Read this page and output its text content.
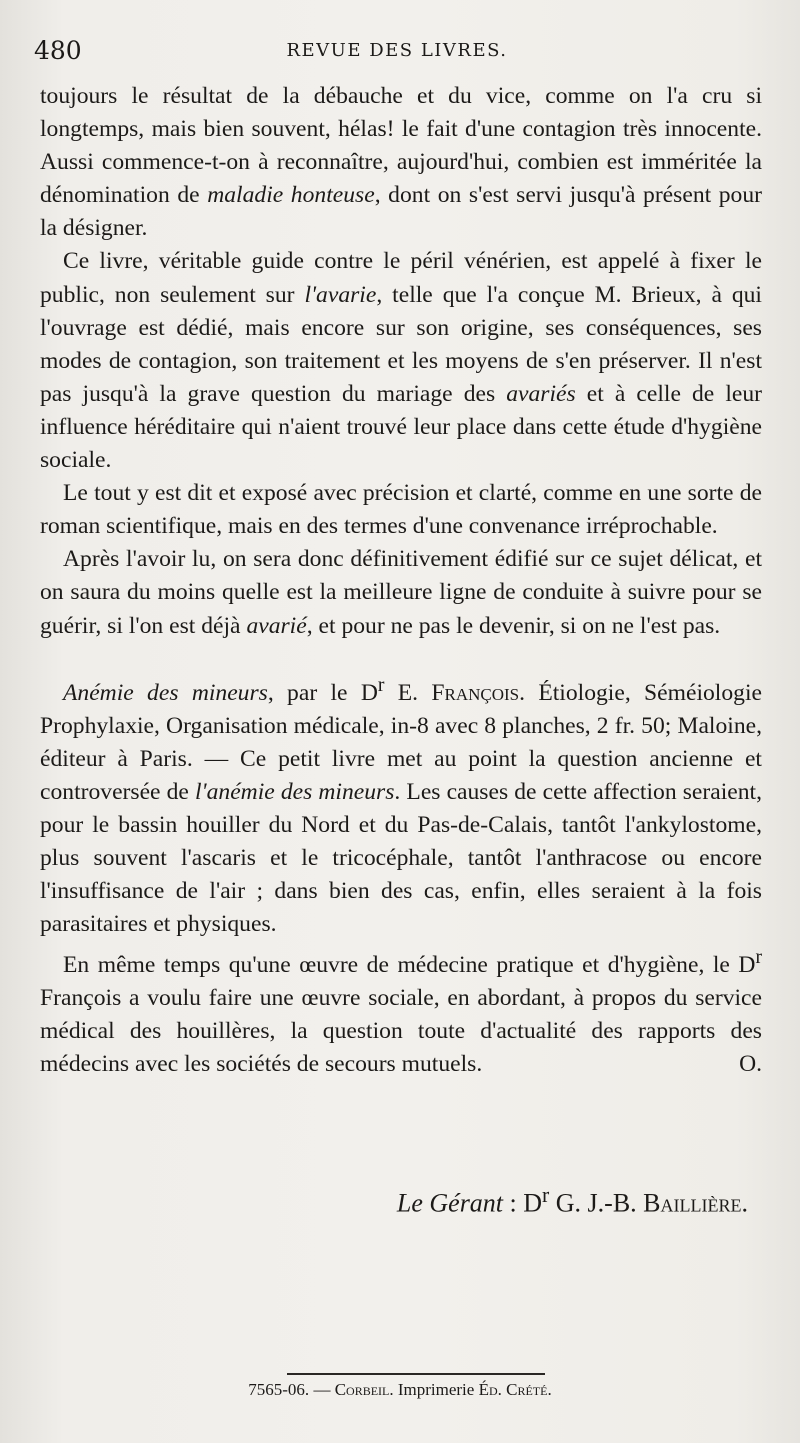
480	REVUE DES LIVRES.

toujours le résultat de la débauche et du vice, comme on l'a cru si longtemps, mais bien souvent, hélas! le fait d'une contagion très innocente. Aussi commence-t-on à reconnaître, aujourd'hui, combien est imméritée la dénomination de maladie honteuse, dont on s'est servi jusqu'à présent pour la désigner.

Ce livre, véritable guide contre le péril vénérien, est appelé à fixer le public, non seulement sur l'avarie, telle que l'a conçue M. Brieux, à qui l'ouvrage est dédié, mais encore sur son origine, ses conséquences, ses modes de contagion, son traitement et les moyens de s'en préserver. Il n'est pas jusqu'à la grave question du mariage des avariés et à celle de leur influence héréditaire qui n'aient trouvé leur place dans cette étude d'hygiène sociale.

Le tout y est dit et exposé avec précision et clarté, comme en une sorte de roman scientifique, mais en des termes d'une convenance irréprochable.

Après l'avoir lu, on sera donc définitivement édifié sur ce sujet délicat, et on saura du moins quelle est la meilleure ligne de conduite à suivre pour se guérir, si l'on est déjà avarié, et pour ne pas le devenir, si on ne l'est pas.

Anémie des mineurs, par le $D^r$ E. François. Étiologie, Séméiologie Prophylaxie, Organisation médicale, in-8 avec 8 planches, 2 fr. 50; Maloine, éditeur à Paris. — Ce petit livre met au point la question ancienne et controversée de l'anémie des mineurs. Les causes de cette affection seraient, pour le bassin houiller du Nord et du Pas-de-Calais, tantôt l'ankylostome, plus souvent l'ascaris et le tricocéphale, tantôt l'anthracose ou encore l'insuffisance de l'air ; dans bien des cas, enfin, elles seraient à la fois parasitaires et physiques.

En même temps qu'une œuvre de médecine pratique et d'hygiène, le $D^r$ François a voulu faire une œuvre sociale, en abordant, à propos du service médical des houillères, la question toute d'actualité des rapports des médecins avec les sociétés de secours mutuels.	O.

Le Gérant : $D^r$ G. J.-B. Baillière.
7565-06. — Corbeil. Imprimerie Éd. Crété.
